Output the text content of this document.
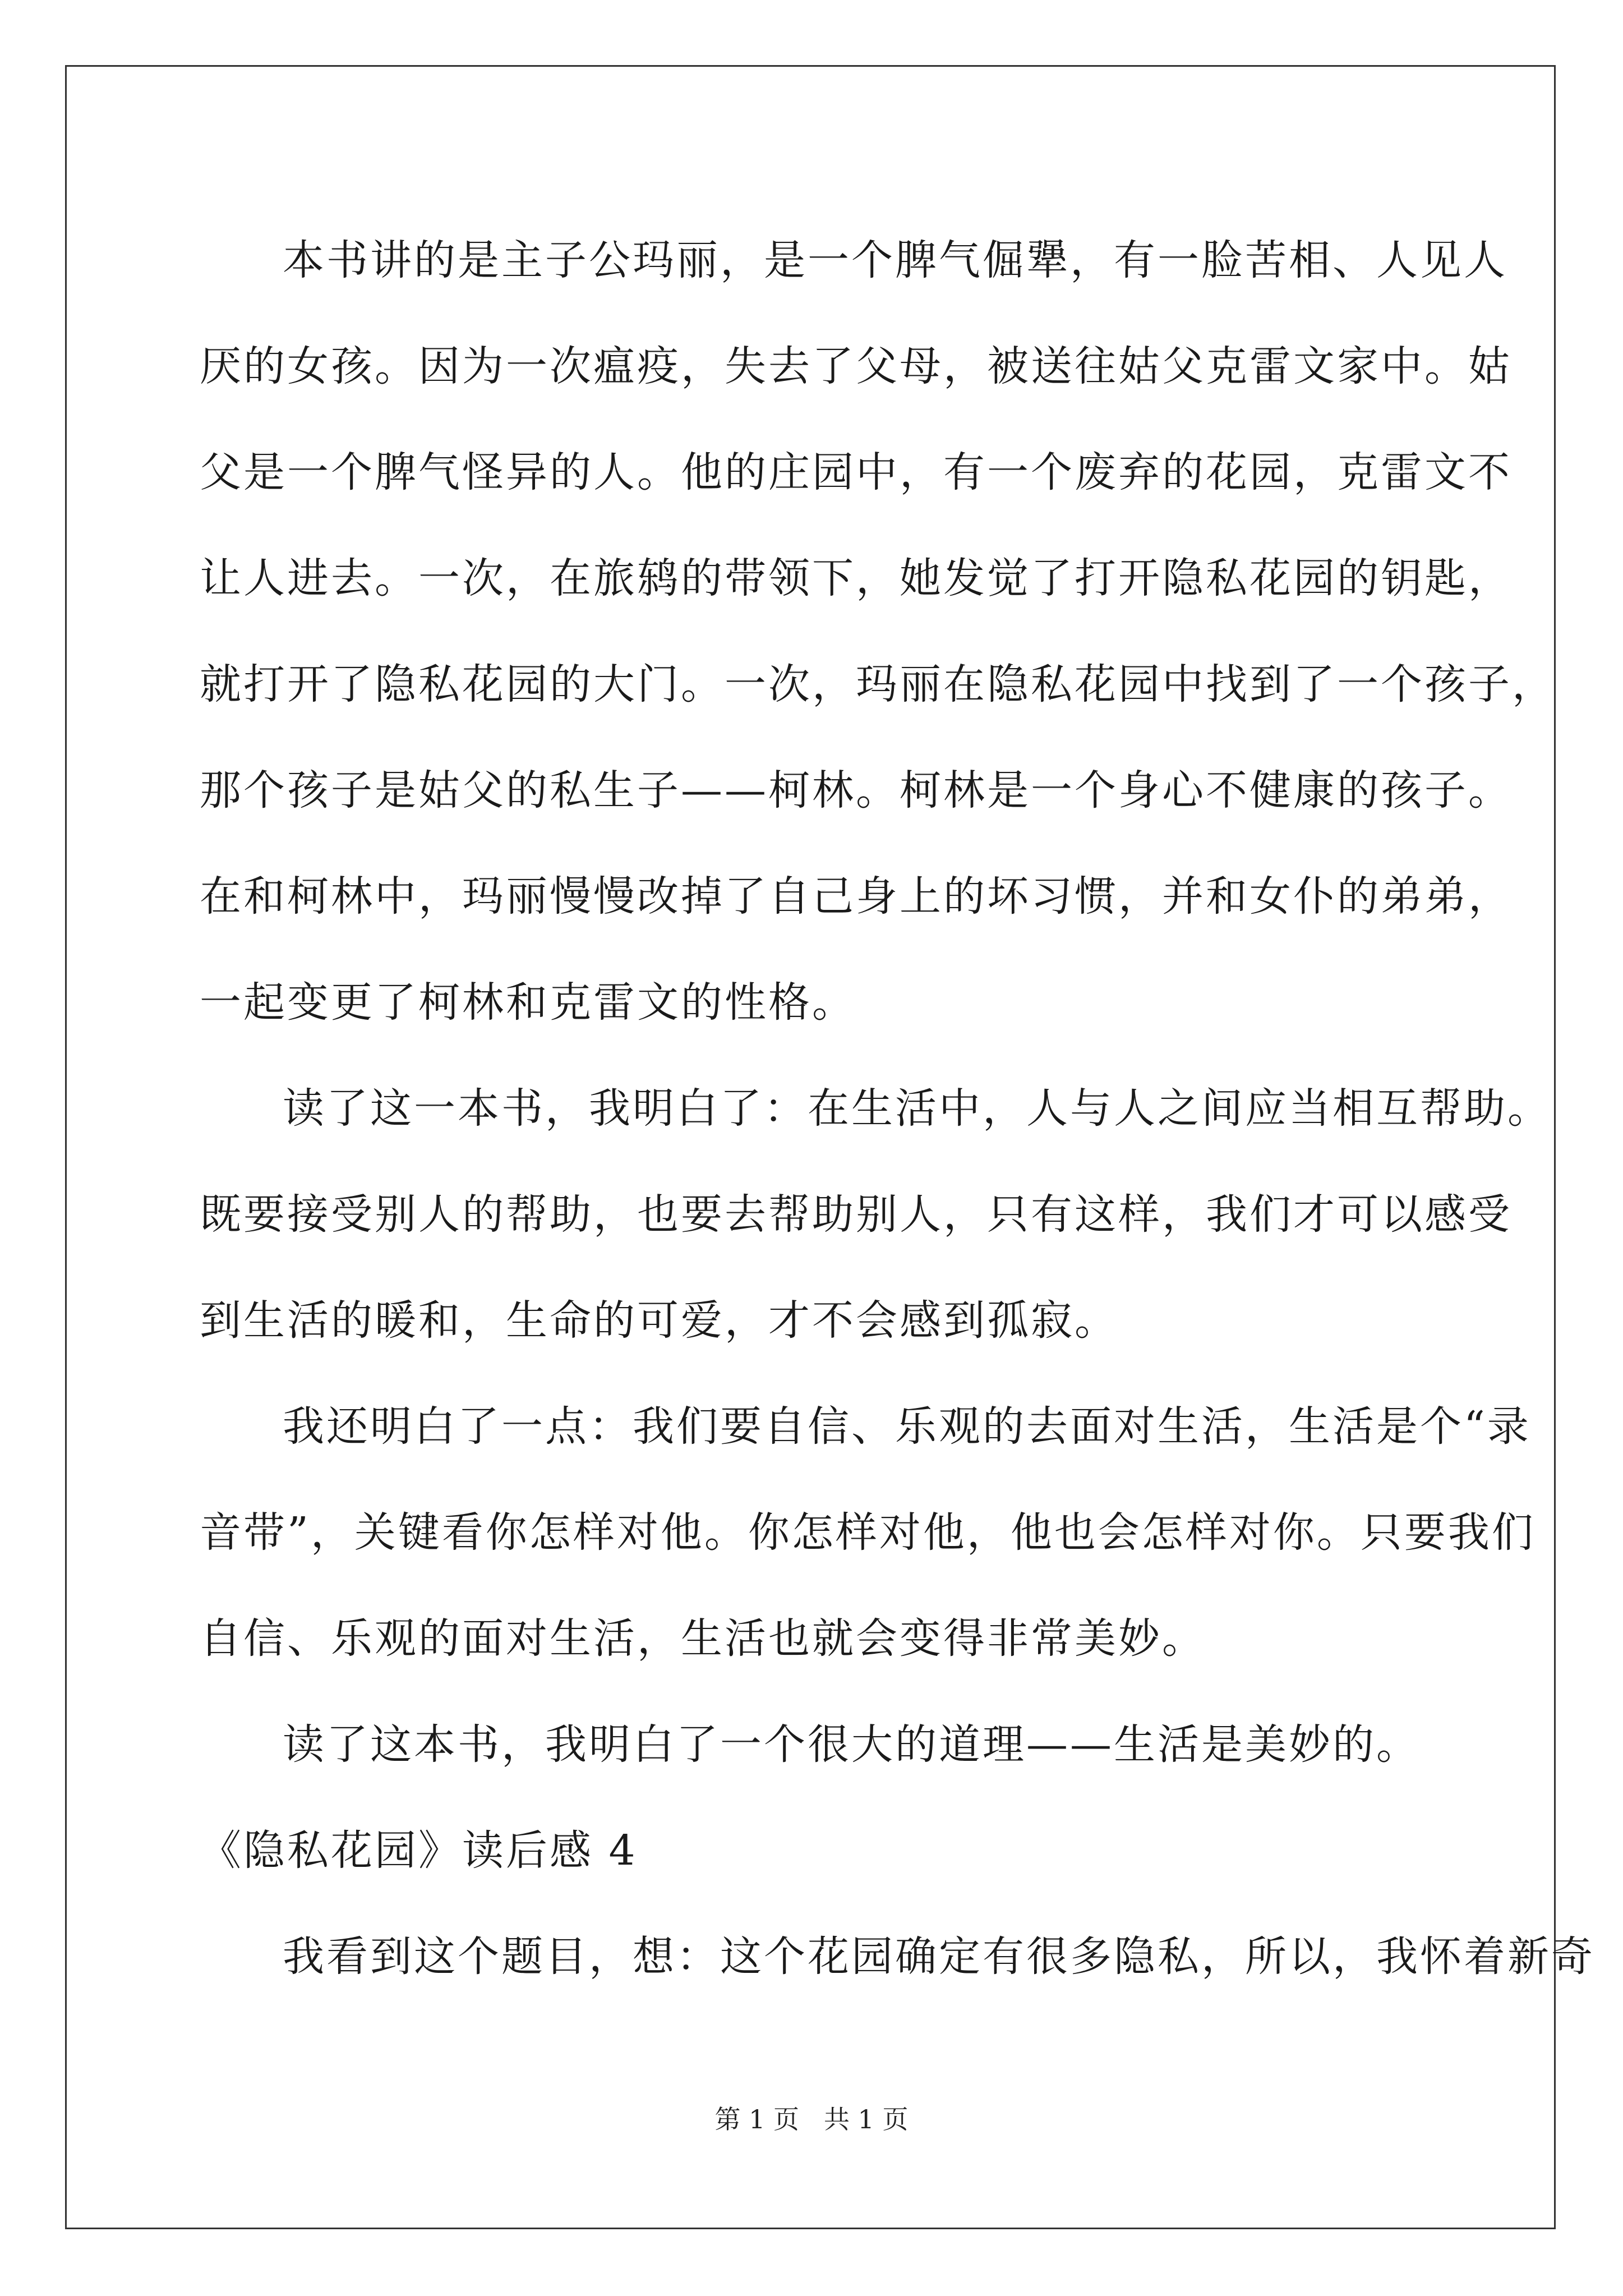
本书讲的是主子公玛丽，是一个脾气倔犟，有一脸苦相、人见人
厌的女孩。因为一次瘟疫，失去了父母，被送往姑父克雷文家中。姑
父是一个脾气怪异的人。他的庄园中，有一个废弃的花园，克雷文不
让人进去。一次，在旅鸫的带领下，她发觉了打开隐私花园的钥匙，
就打开了隐私花园的大门。一次，玛丽在隐私花园中找到了一个孩子，
那个孩子是姑父的私生子——柯林。柯林是一个身心不健康的孩子。
在和柯林中，玛丽慢慢改掉了自己身上的坏习惯，并和女仆的弟弟，
一起变更了柯林和克雷文的性格。
读了这一本书，我明白了：在生活中，人与人之间应当相互帮助。
既要接受别人的帮助，也要去帮助别人，只有这样，我们才可以感受
到生活的暖和，生命的可爱，才不会感到孤寂。
我还明白了一点：我们要自信、乐观的去面对生活，生活是个“录
音带”，关键看你怎样对他。你怎样对他，他也会怎样对你。只要我们
自信、乐观的面对生活，生活也就会变得非常美妙。
读了这本书，我明白了一个很大的道理——生活是美妙的。
《隐私花园》读后感 4
我看到这个题目，想：这个花园确定有很多隐私，所以，我怀着新奇
第 1 页 共 1 页
